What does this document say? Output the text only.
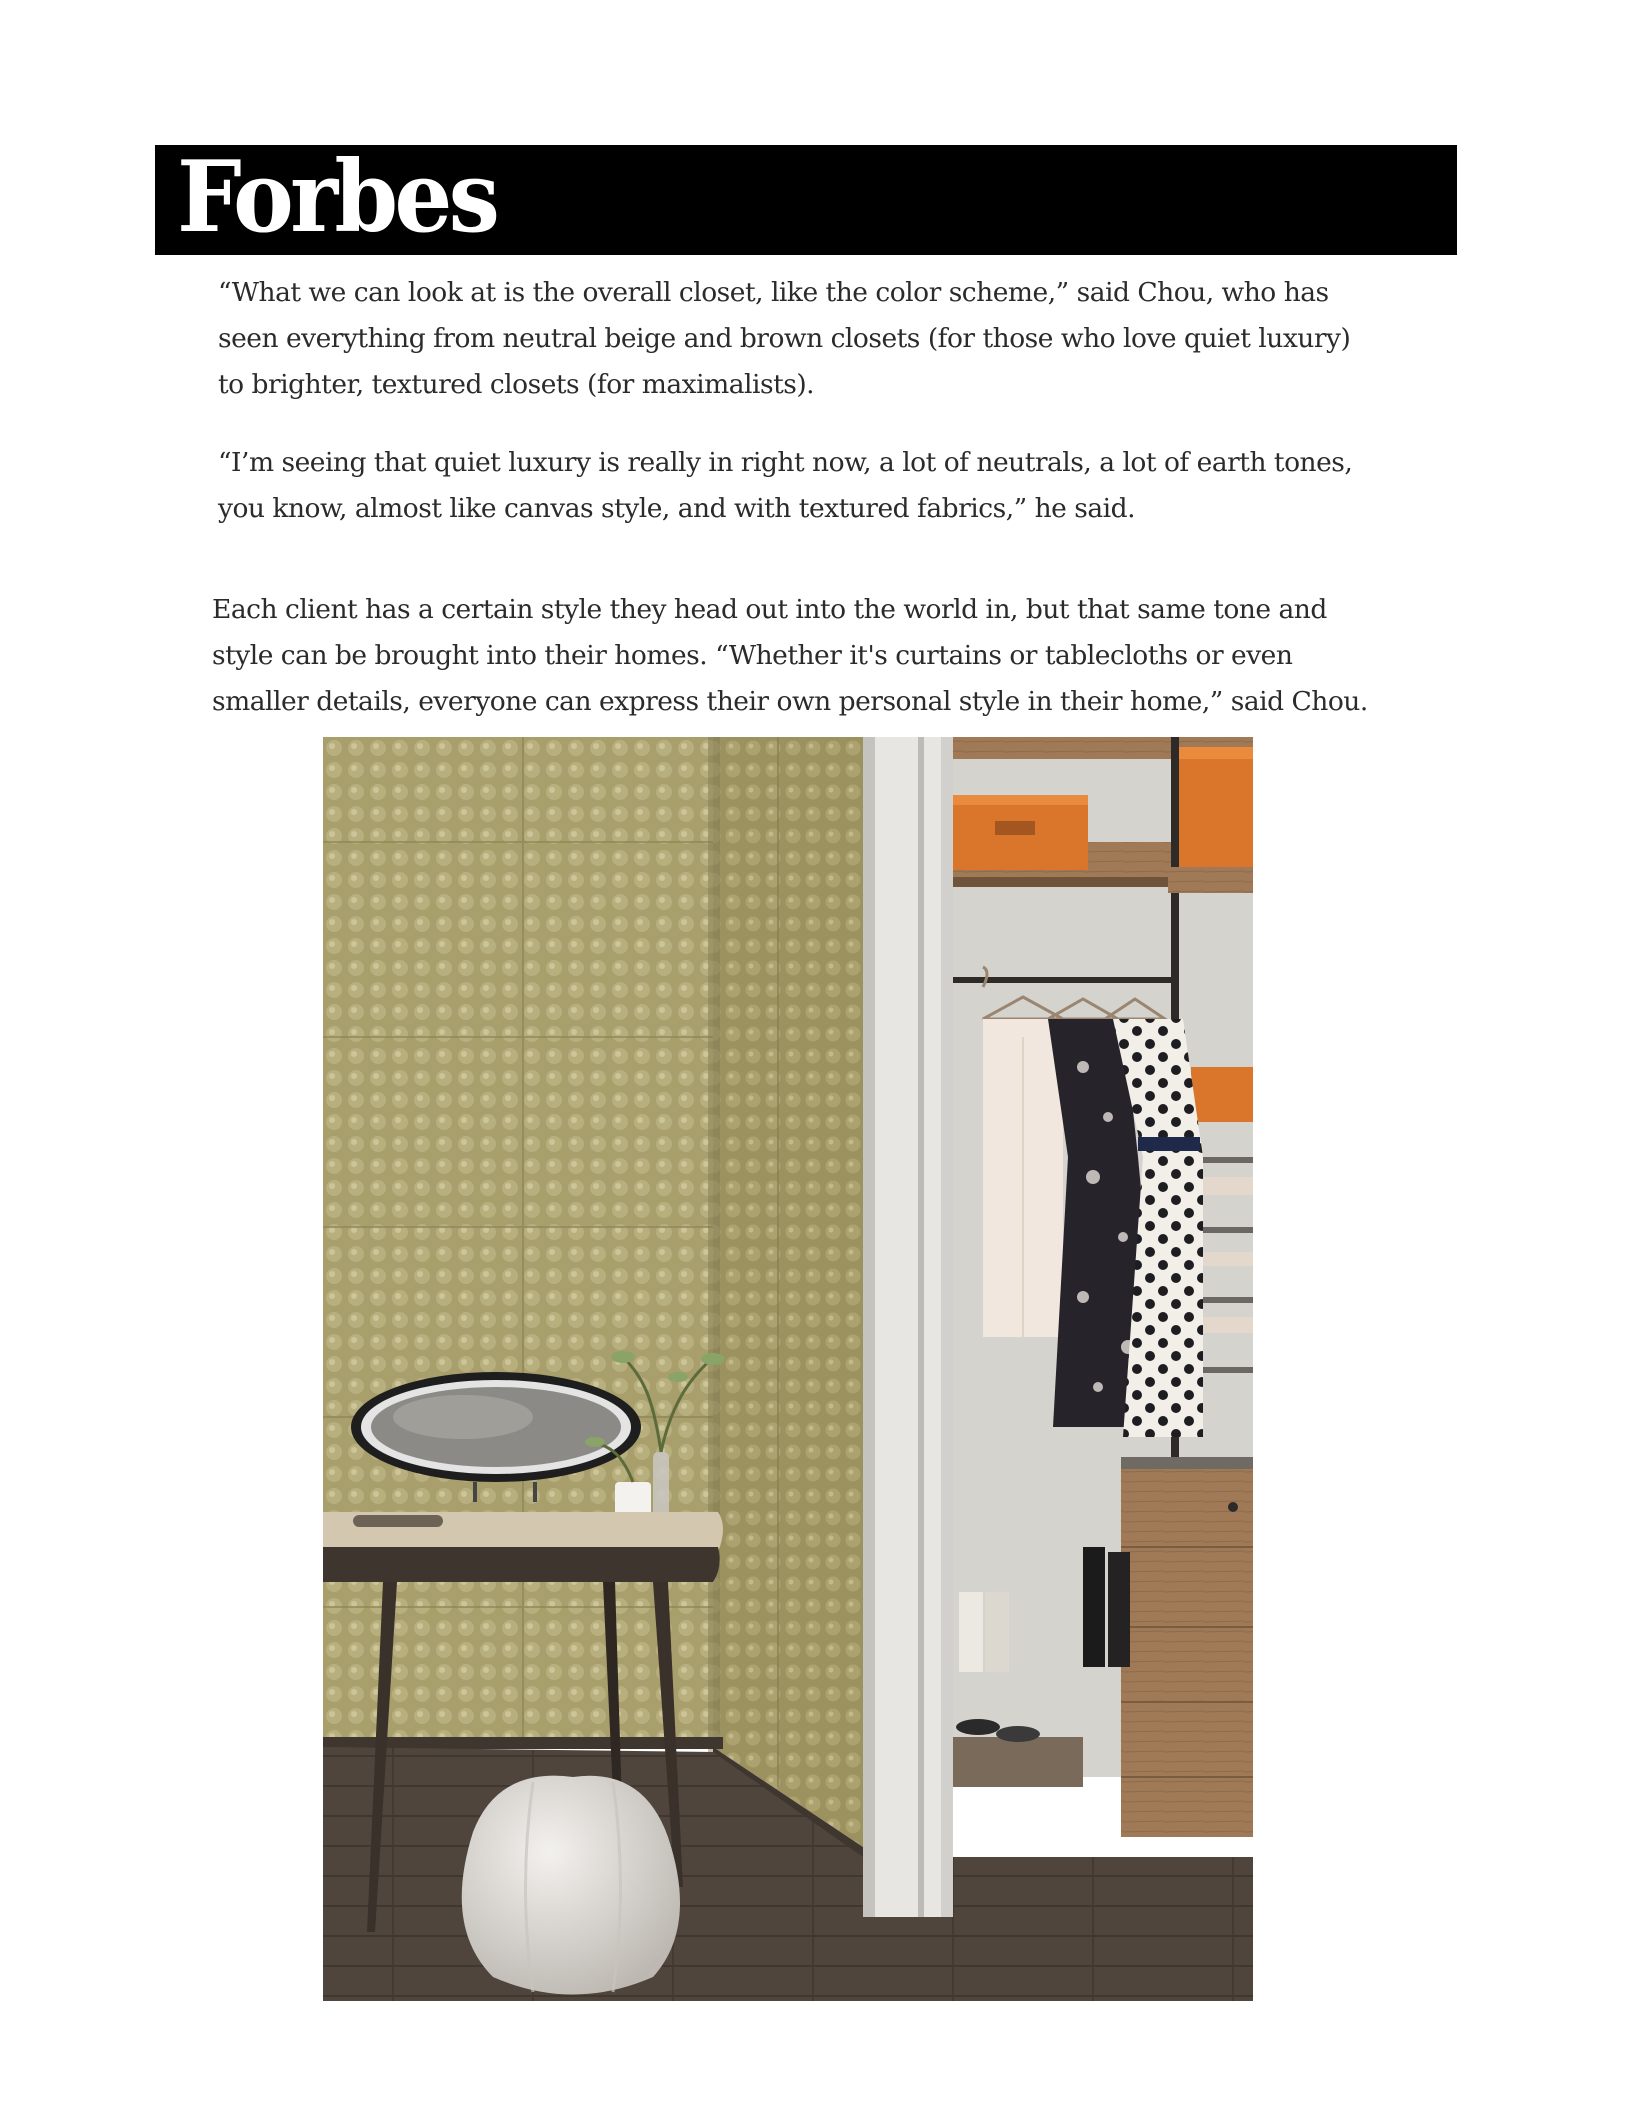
Forbes

“What we can look at is the overall closet, like the color scheme,” said Chou, who has
seen everything from neutral beige and brown closets (for those who love quiet luxury)
to brighter, textured closets (for maximalists).

“I’m seeing that quiet luxury is really in right now, a lot of neutrals, a lot of earth tones,
you know, almost like canvas style, and with textured fabrics,” he said.

Each client has a certain style they head out into the world in, but that same tone and
style can be brought into their homes. “Whether it's curtains or tablecloths or even
smaller details, everyone can express their own personal style in their home,” said Chou.
